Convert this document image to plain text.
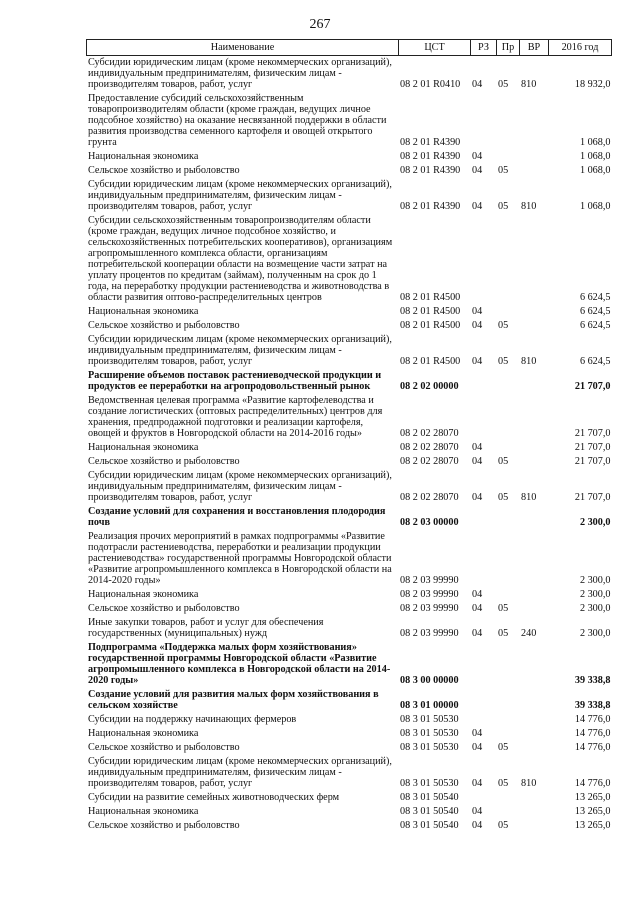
267
Наименование	ЦСТ	РЗ	Пр	ВР	2016 год
Субсидии юридическим лицам (кроме некоммерческих организаций), индивидуальным предпринимателям, физическим лицам - производителям товаров, работ, услуг	08 2 01 R0410	04	05	810	18 932,0
Предоставление субсидий сельскохозяйственным товаропроизводителям области (кроме граждан, ведущих личное подсобное хозяйство) на оказание несвязанной поддержки в области развития производства семенного картофеля и овощей открытого грунта	08 2 01 R4390				1 068,0
Национальная экономика	08 2 01 R4390	04			1 068,0
Сельское хозяйство и рыболовство	08 2 01 R4390	04	05		1 068,0
Субсидии юридическим лицам (кроме некоммерческих организаций), индивидуальным предпринимателям, физическим лицам - производителям товаров, работ, услуг	08 2 01 R4390	04	05	810	1 068,0
Субсидии сельскохозяйственным товаропроизводителям области (кроме граждан, ведущих личное подсобное хозяйство, и сельскохозяйственных потребительских кооперативов), организациям агропромышленного комплекса области, организациям потребительской кооперации области на возмещение части затрат на уплату процентов по кредитам (займам), полученным на срок до 1 года, на переработку продукции растениеводства и животноводства в области развития оптово-распределительных центров	08 2 01 R4500				6 624,5
Национальная экономика	08 2 01 R4500	04			6 624,5
Сельское хозяйство и рыболовство	08 2 01 R4500	04	05		6 624,5
Субсидии юридическим лицам (кроме некоммерческих организаций), индивидуальным предпринимателям, физическим лицам - производителям товаров, работ, услуг	08 2 01 R4500	04	05	810	6 624,5
Расширение объемов поставок растениеводческой продукции и продуктов ее переработки на агропродовольственный рынок	08 2 02 00000				21 707,0
Ведомственная целевая программа «Развитие картофелеводства и создание логистических (оптовых распределительных) центров для хранения, предпродажной подготовки и реализации картофеля, овощей и фруктов в Новгородской области на 2014-2016 годы»	08 2 02 28070				21 707,0
Национальная экономика	08 2 02 28070	04			21 707,0
Сельское хозяйство и рыболовство	08 2 02 28070	04	05		21 707,0
Субсидии юридическим лицам (кроме некоммерческих организаций), индивидуальным предпринимателям, физическим лицам - производителям товаров, работ, услуг	08 2 02 28070	04	05	810	21 707,0
Создание условий для сохранения и восстановления плодородия почв	08 2 03 00000				2 300,0
Реализация прочих мероприятий в рамках подпрограммы «Развитие подотрасли растениеводства, переработки и реализации продукции растениеводства» государственной программы Новгородской области «Развитие агропромышленного комплекса в Новгородской области на 2014-2020 годы»	08 2 03 99990				2 300,0
Национальная экономика	08 2 03 99990	04			2 300,0
Сельское хозяйство и рыболовство	08 2 03 99990	04	05		2 300,0
Иные закупки товаров, работ и услуг для обеспечения государственных (муниципальных) нужд	08 2 03 99990	04	05	240	2 300,0
Подпрограмма «Поддержка малых форм хозяйствования» государственной программы Новгородской области «Развитие агропромышленного комплекса в Новгородской области на 2014-2020 годы»	08 3 00 00000				39 338,8
Создание условий для развития малых форм хозяйствования в сельском хозяйстве	08 3 01 00000				39 338,8
Субсидии на поддержку начинающих фермеров	08 3 01 50530				14 776,0
Национальная экономика	08 3 01 50530	04			14 776,0
Сельское хозяйство и рыболовство	08 3 01 50530	04	05		14 776,0
Субсидии юридическим лицам (кроме некоммерческих организаций), индивидуальным предпринимателям, физическим лицам - производителям товаров, работ, услуг	08 3 01 50530	04	05	810	14 776,0
Субсидии на развитие семейных животноводческих ферм	08 3 01 50540				13 265,0
Национальная экономика	08 3 01 50540	04			13 265,0
Сельское хозяйство и рыболовство	08 3 01 50540	04	05		13 265,0
